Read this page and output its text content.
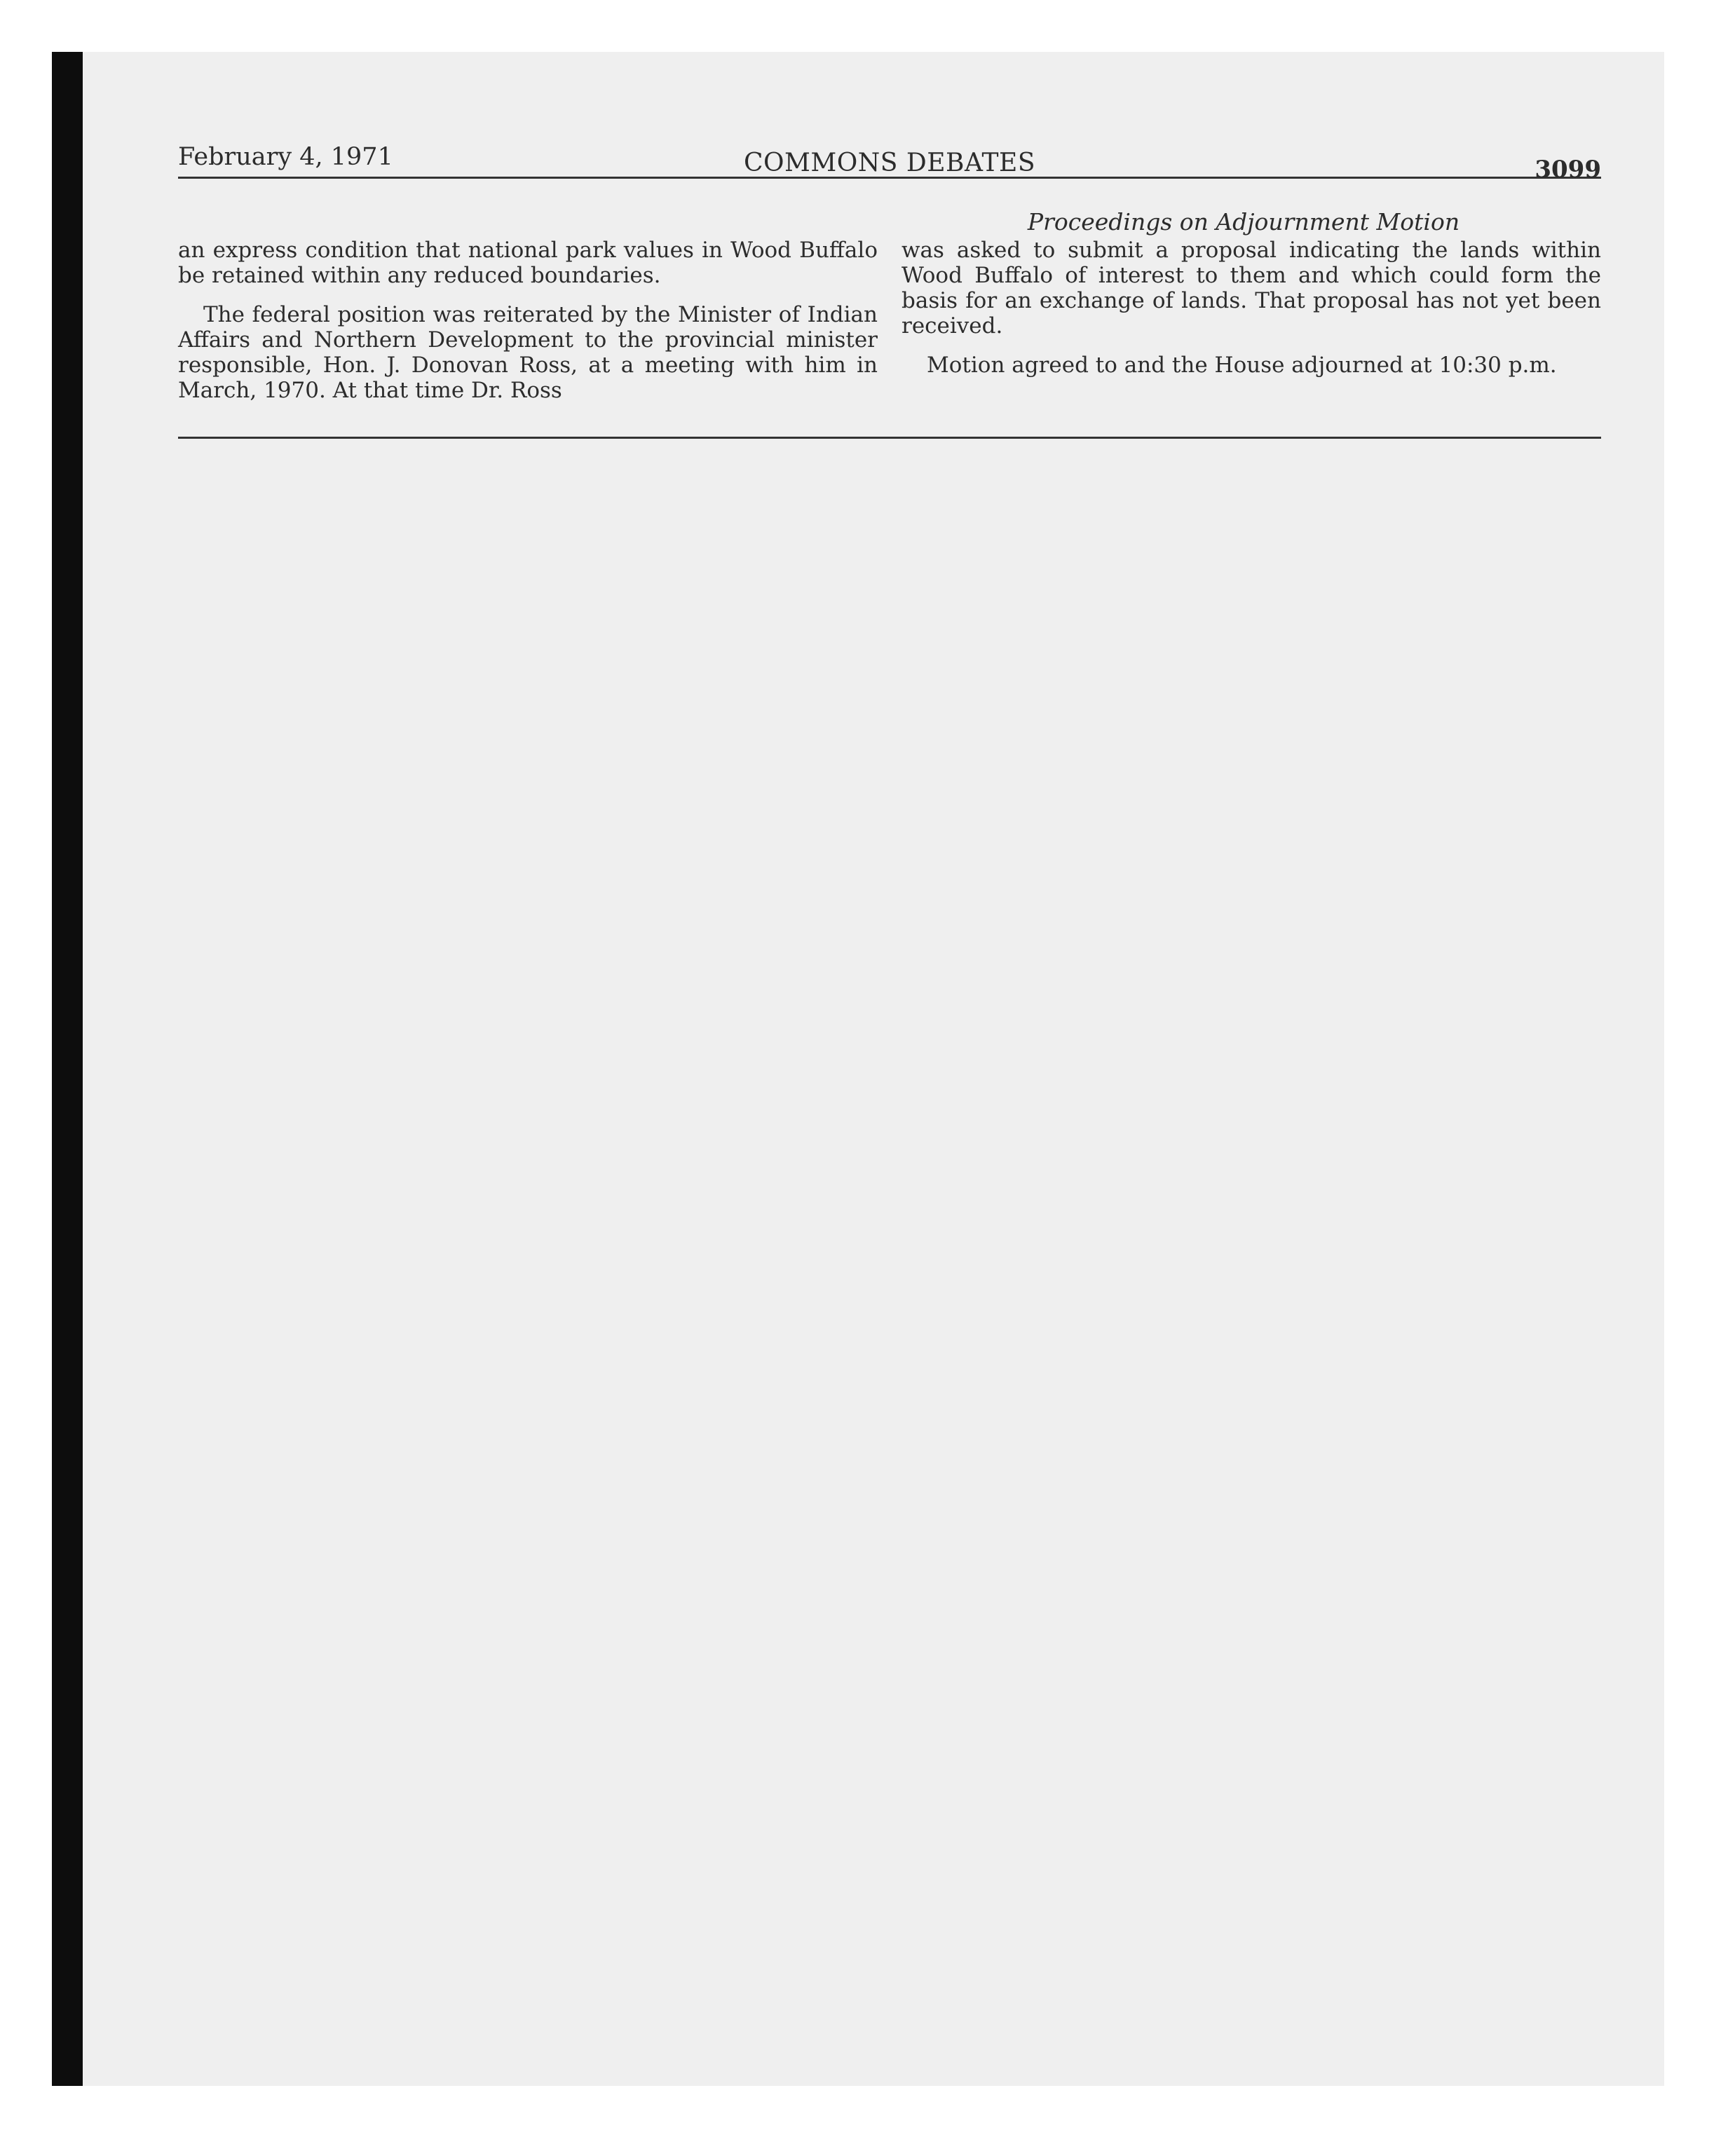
February 4, 1971	COMMONS DEBATES	3099
Proceedings on Adjournment Motion

an express condition that national park values in Wood Buffalo be retained within any reduced boundaries.

The federal position was reiterated by the Minister of Indian Affairs and Northern Development to the provincial minister responsible, Hon. J. Donovan Ross, at a meeting with him in March, 1970. At that time Dr. Ross

was asked to submit a proposal indicating the lands within Wood Buffalo of interest to them and which could form the basis for an exchange of lands. That proposal has not yet been received.

Motion agreed to and the House adjourned at 10:30 p.m.
